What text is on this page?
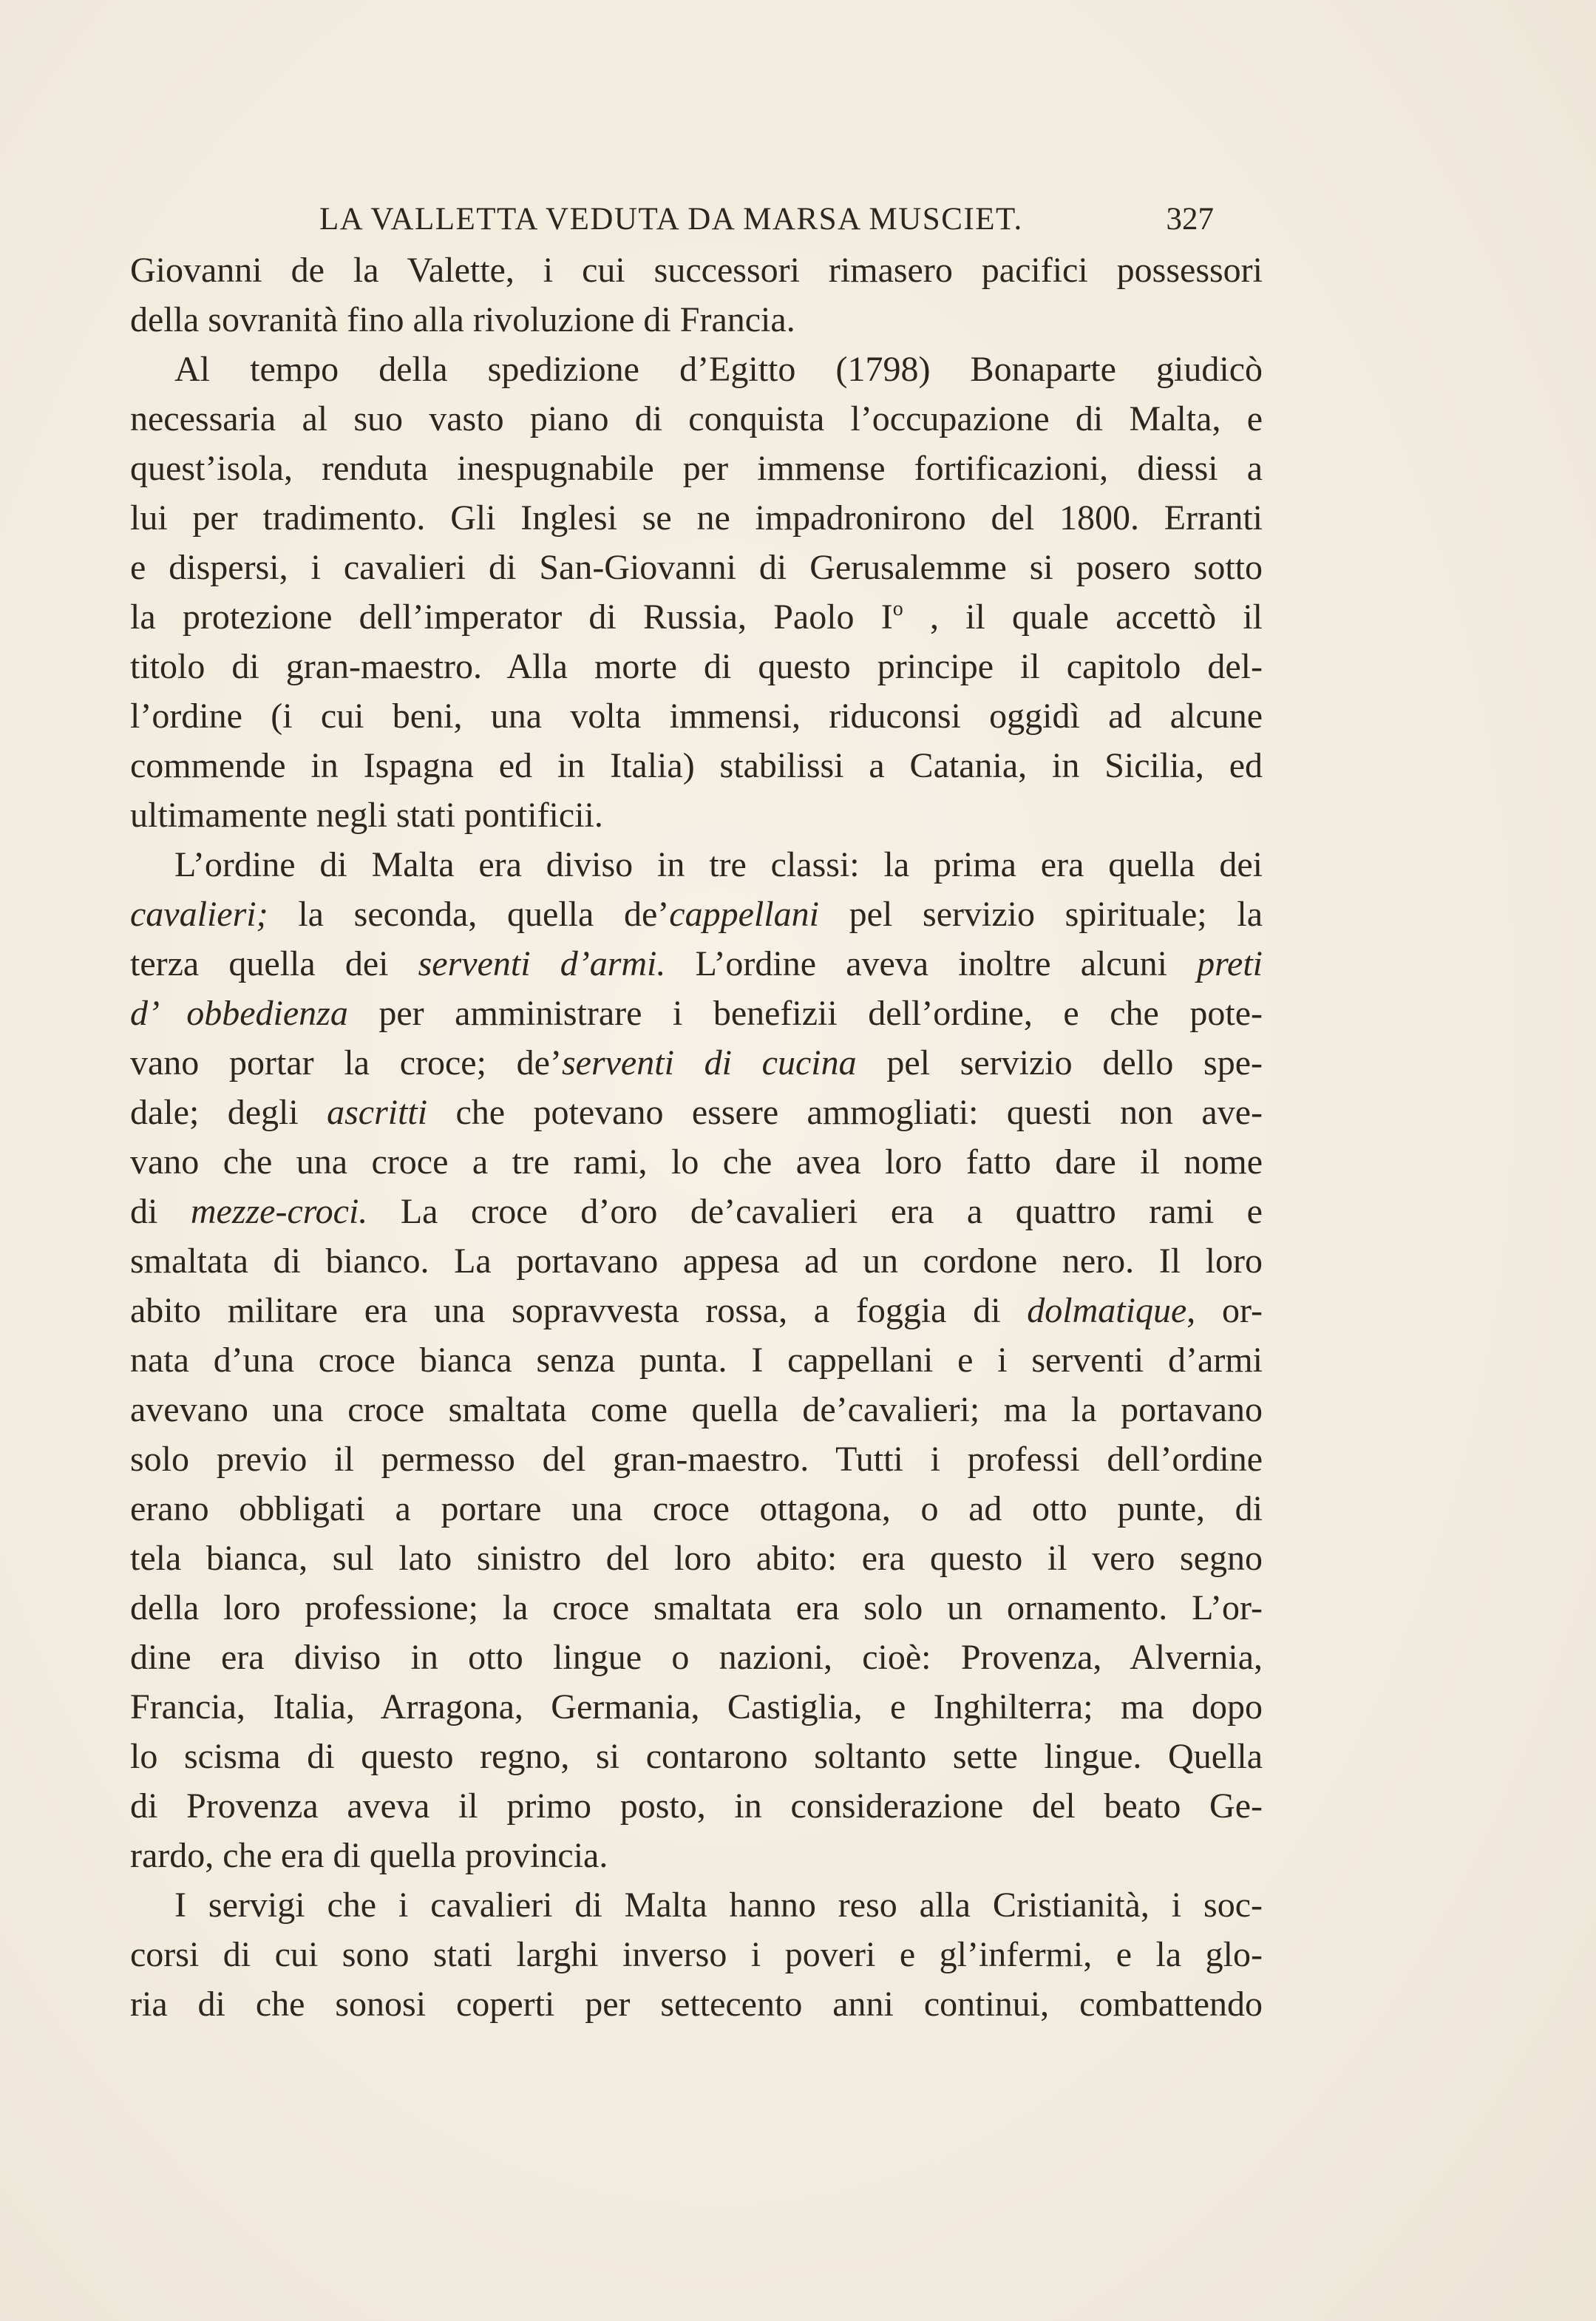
LA VALLETTA VEDUTA DA MARSA MUSCIET.	327
Giovanni de la Valette, i cui successori rimasero pacifici possessori
della sovranità fino alla rivoluzione di Francia.
Al tempo della spedizione d’Egitto (1798) Bonaparte giudicò
necessaria al suo vasto piano di conquista l’occupazione di Malta, e
quest’isola, renduta inespugnabile per immense fortificazioni, diessi a
lui per tradimento. Gli Inglesi se ne impadronirono del 1800. Erranti
e dispersi, i cavalieri di San-Giovanni di Gerusalemme si posero sotto
la protezione dell’imperator di Russia, Paolo $I^o$ , il quale accettò il
titolo di gran-maestro. Alla morte di questo principe il capitolo del-
l’ordine (i cui beni, una volta immensi, riduconsi oggidì ad alcune
commende in Ispagna ed in Italia) stabilissi a Catania, in Sicilia, ed
ultimamente negli stati pontificii.
L’ordine di Malta era diviso in tre classi: la prima era quella dei
cavalieri; la seconda, quella de’cappellani pel servizio spirituale; la
terza quella dei serventi d’armi. L’ordine aveva inoltre alcuni preti
d’ obbedienza per amministrare i benefizii dell’ordine, e che pote-
vano portar la croce; de’serventi di cucina pel servizio dello spe-
dale; degli ascritti che potevano essere ammogliati: questi non ave-
vano che una croce a tre rami, lo che avea loro fatto dare il nome
di mezze-croci. La croce d’oro de’cavalieri era a quattro rami e
smaltata di bianco. La portavano appesa ad un cordone nero. Il loro
abito militare era una sopravvesta rossa, a foggia di dolmatique, or-
nata d’una croce bianca senza punta. I cappellani e i serventi d’armi
avevano una croce smaltata come quella de’cavalieri; ma la portavano
solo previo il permesso del gran-maestro. Tutti i professi dell’ordine
erano obbligati a portare una croce ottagona, o ad otto punte, di
tela bianca, sul lato sinistro del loro abito: era questo il vero segno
della loro professione; la croce smaltata era solo un ornamento. L’or-
dine era diviso in otto lingue o nazioni, cioè: Provenza, Alvernia,
Francia, Italia, Arragona, Germania, Castiglia, e Inghilterra; ma dopo
lo scisma di questo regno, si contarono soltanto sette lingue. Quella
di Provenza aveva il primo posto, in considerazione del beato Ge-
rardo, che era di quella provincia.
I servigi che i cavalieri di Malta hanno reso alla Cristianità, i soc-
corsi di cui sono stati larghi inverso i poveri e gl’infermi, e la glo-
ria di che sonosi coperti per settecento anni continui, combattendo
